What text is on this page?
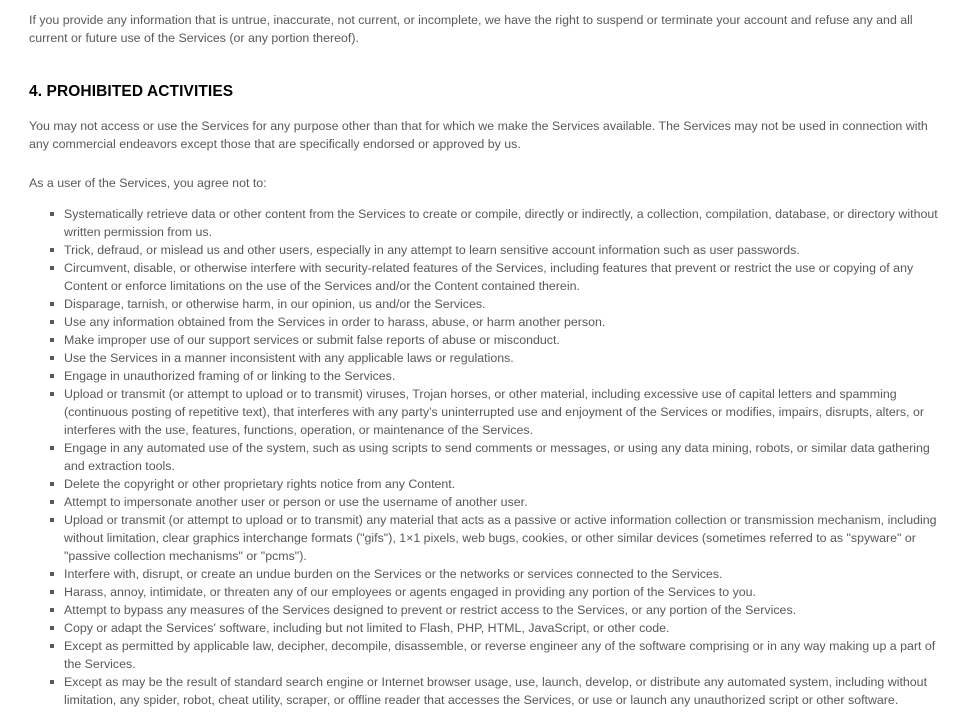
If you provide any information that is untrue, inaccurate, not current, or incomplete, we have the right to suspend or terminate your account and refuse any and all current or future use of the Services (or any portion thereof).

4. PROHIBITED ACTIVITIES

You may not access or use the Services for any purpose other than that for which we make the Services available. The Services may not be used in connection with any commercial endeavors except those that are specifically endorsed or approved by us.

As a user of the Services, you agree not to:

Systematically retrieve data or other content from the Services to create or compile, directly or indirectly, a collection, compilation, database, or directory without written permission from us.
Trick, defraud, or mislead us and other users, especially in any attempt to learn sensitive account information such as user passwords.
Circumvent, disable, or otherwise interfere with security-related features of the Services, including features that prevent or restrict the use or copying of any Content or enforce limitations on the use of the Services and/or the Content contained therein.
Disparage, tarnish, or otherwise harm, in our opinion, us and/or the Services.
Use any information obtained from the Services in order to harass, abuse, or harm another person.
Make improper use of our support services or submit false reports of abuse or misconduct.
Use the Services in a manner inconsistent with any applicable laws or regulations.
Engage in unauthorized framing of or linking to the Services.
Upload or transmit (or attempt to upload or to transmit) viruses, Trojan horses, or other material, including excessive use of capital letters and spamming (continuous posting of repetitive text), that interferes with any party’s uninterrupted use and enjoyment of the Services or modifies, impairs, disrupts, alters, or interferes with the use, features, functions, operation, or maintenance of the Services.
Engage in any automated use of the system, such as using scripts to send comments or messages, or using any data mining, robots, or similar data gathering and extraction tools.
Delete the copyright or other proprietary rights notice from any Content.
Attempt to impersonate another user or person or use the username of another user.
Upload or transmit (or attempt to upload or to transmit) any material that acts as a passive or active information collection or transmission mechanism, including without limitation, clear graphics interchange formats ("gifs"), 1×1 pixels, web bugs, cookies, or other similar devices (sometimes referred to as "spyware" or "passive collection mechanisms" or "pcms").
Interfere with, disrupt, or create an undue burden on the Services or the networks or services connected to the Services.
Harass, annoy, intimidate, or threaten any of our employees or agents engaged in providing any portion of the Services to you.
Attempt to bypass any measures of the Services designed to prevent or restrict access to the Services, or any portion of the Services.
Copy or adapt the Services' software, including but not limited to Flash, PHP, HTML, JavaScript, or other code.
Except as permitted by applicable law, decipher, decompile, disassemble, or reverse engineer any of the software comprising or in any way making up a part of the Services.
Except as may be the result of standard search engine or Internet browser usage, use, launch, develop, or distribute any automated system, including without limitation, any spider, robot, cheat utility, scraper, or offline reader that accesses the Services, or use or launch any unauthorized script or other software.
